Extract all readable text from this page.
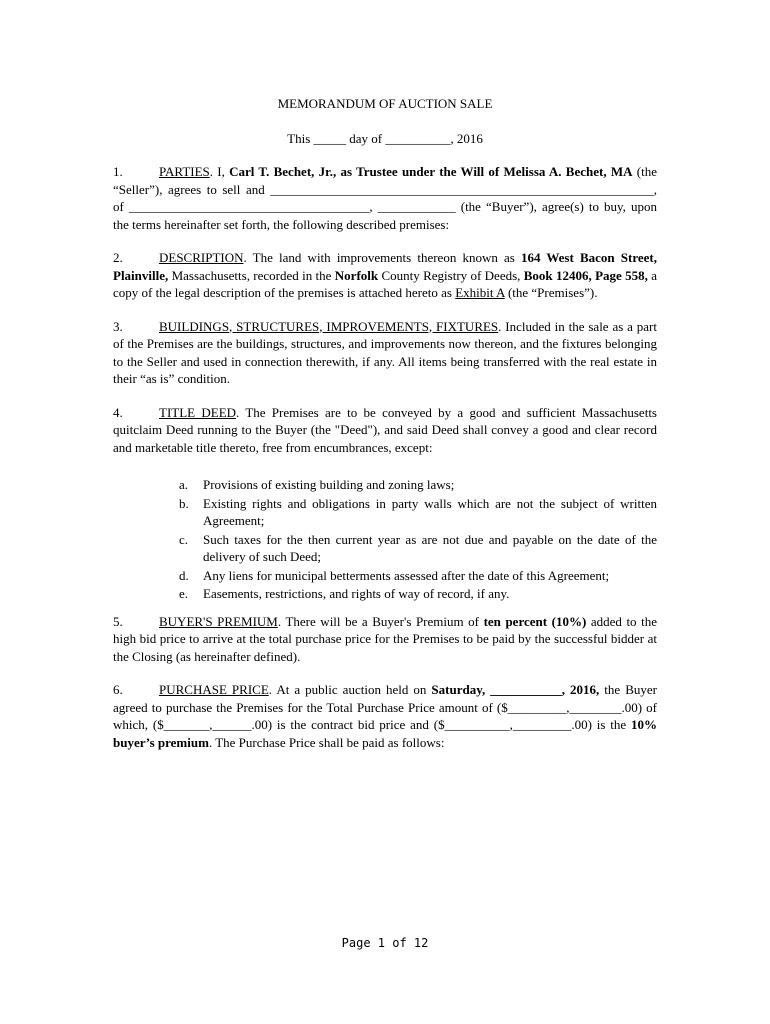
MEMORANDUM OF AUCTION SALE
This _____ day of __________, 2016
1.	PARTIES. I, Carl T. Bechet, Jr., as Trustee under the Will of Melissa A. Bechet, MA (the “Seller”), agrees to sell and ___________________________________________________________, of _____________________________________, ____________ (the “Buyer”), agree(s) to buy, upon the terms hereinafter set forth, the following described premises:
2.	DESCRIPTION. The land with improvements thereon known as 164 West Bacon Street, Plainville, Massachusetts, recorded in the Norfolk County Registry of Deeds, Book 12406, Page 558, a copy of the legal description of the premises is attached hereto as Exhibit A (the “Premises”).
3.	BUILDINGS, STRUCTURES, IMPROVEMENTS, FIXTURES. Included in the sale as a part of the Premises are the buildings, structures, and improvements now thereon, and the fixtures belonging to the Seller and used in connection therewith, if any. All items being transferred with the real estate in their “as is” condition.
4.	TITLE DEED. The Premises are to be conveyed by a good and sufficient Massachusetts quitclaim Deed running to the Buyer (the "Deed"), and said Deed shall convey a good and clear record and marketable title thereto, free from encumbrances, except:
a.	Provisions of existing building and zoning laws;
b.	Existing rights and obligations in party walls which are not the subject of written Agreement;
c.	Such taxes for the then current year as are not due and payable on the date of the delivery of such Deed;
d.	Any liens for municipal betterments assessed after the date of this Agreement;
e.	Easements, restrictions, and rights of way of record, if any.
5.	BUYER'S PREMIUM. There will be a Buyer's Premium of ten percent (10%) added to the high bid price to arrive at the total purchase price for the Premises to be paid by the successful bidder at the Closing (as hereinafter defined).
6.	PURCHASE PRICE. At a public auction held on Saturday, ___________, 2016, the Buyer agreed to purchase the Premises for the Total Purchase Price amount of ($_________,________.00) of which, ($_______,______.00) is the contract bid price and ($__________,_________.00) is the 10% buyer’s premium. The Purchase Price shall be paid as follows:
Page 1 of 12
